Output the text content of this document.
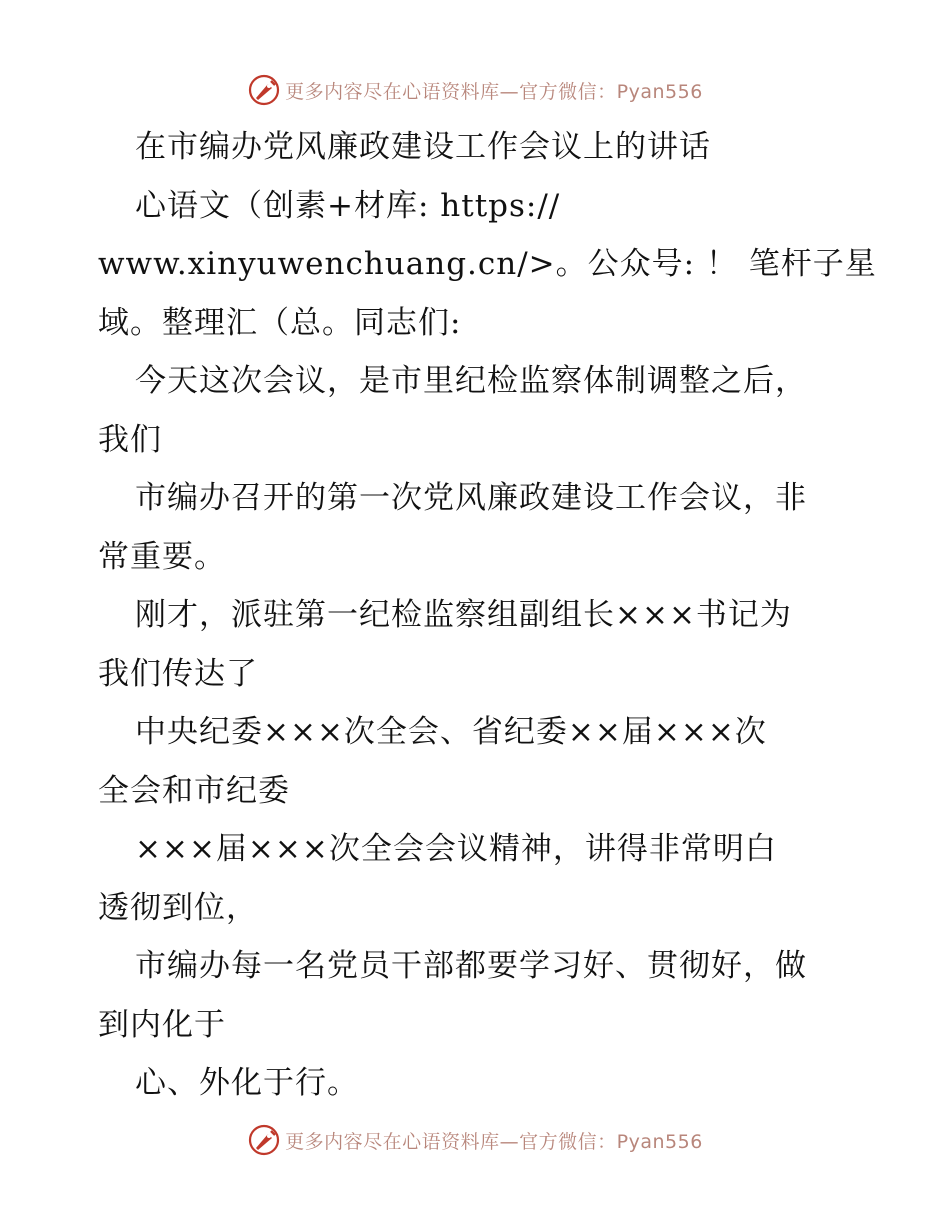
更多内容尽在心语资料库—官方微信：Pyan556
在市编办党风廉政建设工作会议上的讲话
心语文（创素+材库: https://
www.xinyuwenchuang.cn/>。公众号: ！ 笔杆子星
域。整理汇（总。同志们:
今天这次会议，是市里纪检监察体制调整之后，
我们
市编办召开的第一次党风廉政建设工作会议，非
常重要。
刚才，派驻第一纪检监察组副组长×××书记为
我们传达了
中央纪委×××次全会、省纪委××届×××次
全会和市纪委
×××届×××次全会会议精神，讲得非常明白
透彻到位，
市编办每一名党员干部都要学习好、贯彻好，做
到内化于
心、外化于行。
更多内容尽在心语资料库—官方微信：Pyan556
